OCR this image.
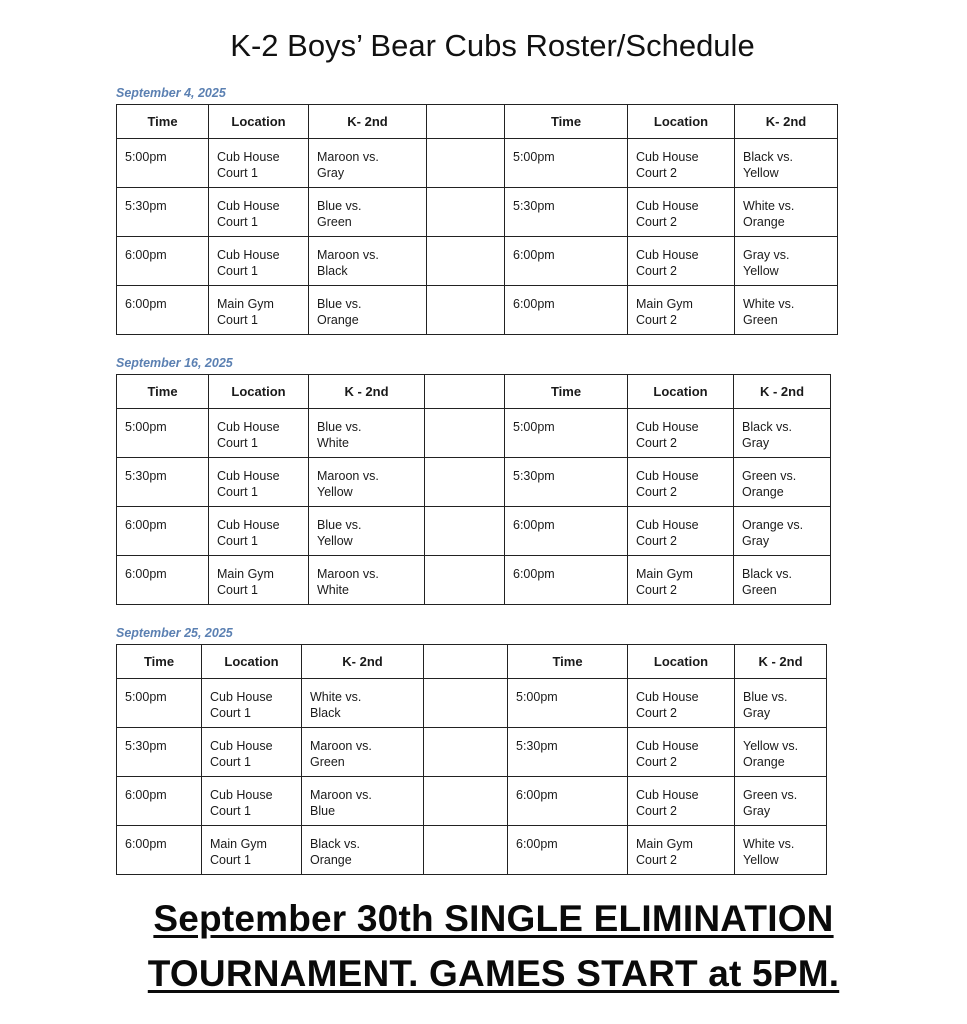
K-2 Boys’ Bear Cubs Roster/Schedule
September 4, 2025
Time	Location	K- 2nd		Time	Location	K- 2nd

5:00pm	Cub House
Court 1	Maroon vs.
Gray		5:00pm	Cub House
Court 2	Black vs.
Yellow

5:30pm	Cub House
Court 1	Blue vs.
Green		5:30pm	Cub House
Court 2	White vs.
Orange

6:00pm	Cub House
Court 1	Maroon vs.
Black		6:00pm	Cub House
Court 2	Gray vs.
Yellow

6:00pm	Main Gym
Court 1	Blue vs.
Orange		6:00pm	Main Gym
Court 2	White vs.
Green
September 16, 2025
Time	Location	K - 2nd		Time	Location	K - 2nd

5:00pm	Cub House
Court 1	Blue vs.
White		5:00pm	Cub House
Court 2	Black vs.
Gray

5:30pm	Cub House
Court 1	Maroon vs.
Yellow		5:30pm	Cub House
Court 2	Green vs.
Orange

6:00pm	Cub House
Court 1	Blue vs.
Yellow		6:00pm	Cub House
Court 2	Orange vs.
Gray

6:00pm	Main Gym
Court 1	Maroon vs.
White		6:00pm	Main Gym
Court 2	Black vs.
Green
September 25, 2025
Time	Location	K- 2nd		Time	Location	K - 2nd

5:00pm	Cub House
Court 1	White vs.
Black		5:00pm	Cub House
Court 2	Blue vs.
Gray

5:30pm	Cub House
Court 1	Maroon vs.
Green		5:30pm	Cub House
Court 2	Yellow vs.
Orange

6:00pm	Cub House
Court 1	Maroon vs.
Blue		6:00pm	Cub House
Court 2	Green vs.
Gray

6:00pm	Main Gym
Court 1	Black vs.
Orange		6:00pm	Main Gym
Court 2	White vs.
Yellow
September 30th SINGLE ELIMINATION
TOURNAMENT. GAMES START at 5PM.
